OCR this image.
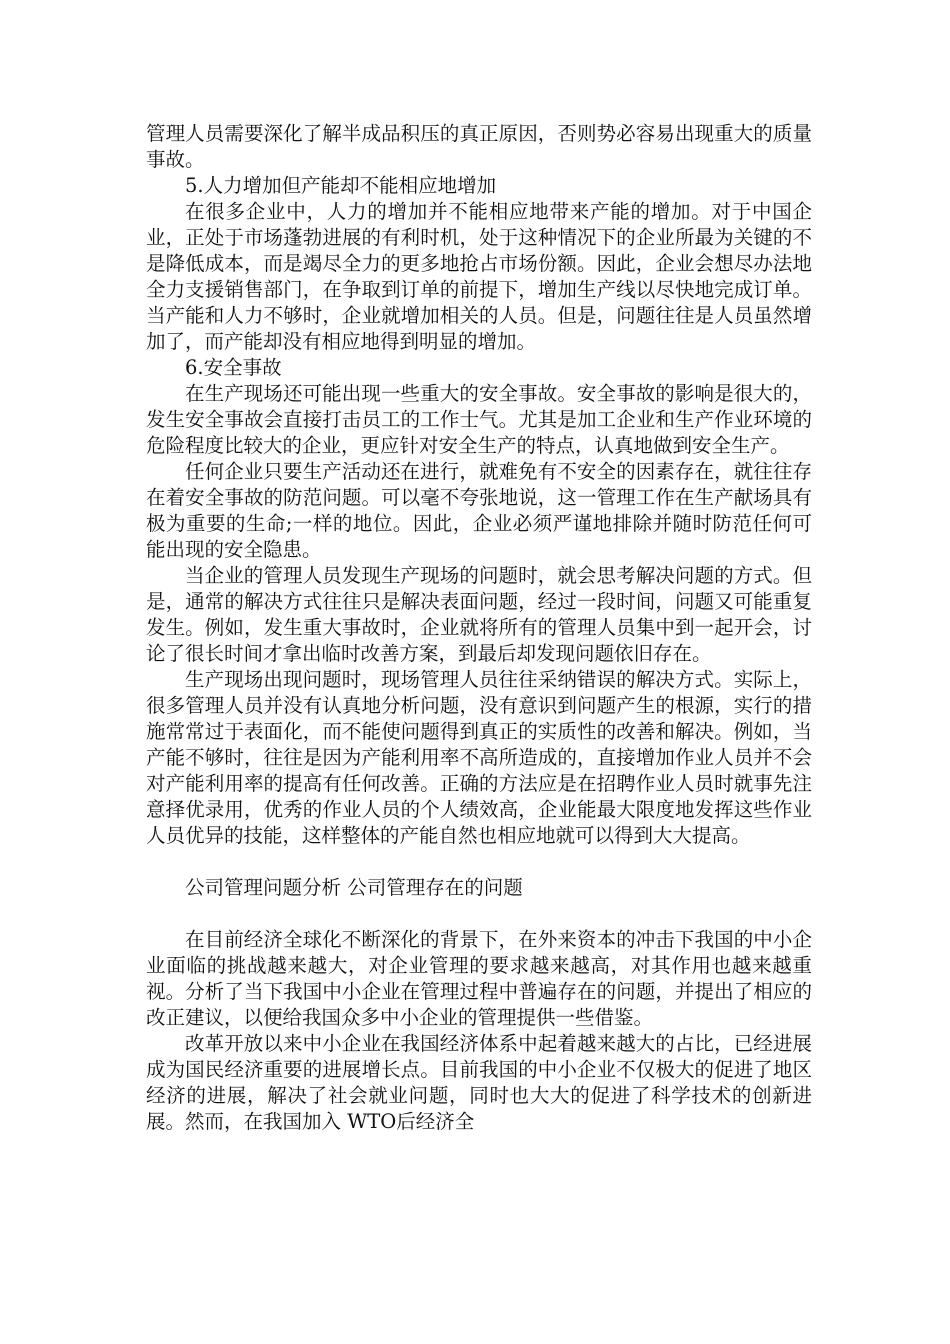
管理人员需要深化了解半成品积压的真正原因，否则势必容易出现重大的质量事故。

5.人力增加但产能却不能相应地增加

在很多企业中，人力的增加并不能相应地带来产能的增加。对于中国企业，正处于市场蓬勃进展的有利时机，处于这种情况下的企业所最为关键的不是降低成本，而是竭尽全力的更多地抢占市场份额。因此，企业会想尽办法地全力支援销售部门，在争取到订单的前提下，增加生产线以尽快地完成订单。当产能和人力不够时，企业就增加相关的人员。但是，问题往往是人员虽然增加了，而产能却没有相应地得到明显的增加。

6.安全事故

在生产现场还可能出现一些重大的安全事故。安全事故的影响是很大的，发生安全事故会直接打击员工的工作士气。尤其是加工企业和生产作业环境的危险程度比较大的企业，更应针对安全生产的特点，认真地做到安全生产。

任何企业只要生产活动还在进行，就难免有不安全的因素存在，就往往存在着安全事故的防范问题。可以毫不夸张地说，这一管理工作在生产献场具有极为重要的生命;一样的地位。因此，企业必须严谨地排除并随时防范任何可能出现的安全隐患。

当企业的管理人员发现生产现场的问题时，就会思考解决问题的方式。但是，通常的解决方式往往只是解决表面问题，经过一段时间，问题又可能重复发生。例如，发生重大事故时，企业就将所有的管理人员集中到一起开会，讨论了很长时间才拿出临时改善方案，到最后却发现问题依旧存在。

生产现场出现问题时，现场管理人员往往采纳错误的解决方式。实际上，很多管理人员并没有认真地分析问题，没有意识到问题产生的根源，实行的措施常常过于表面化，而不能使问题得到真正的实质性的改善和解决。例如，当产能不够时，往往是因为产能利用率不高所造成的，直接增加作业人员并不会对产能利用率的提高有任何改善。正确的方法应是在招聘作业人员时就事先注意择优录用，优秀的作业人员的个人绩效高，企业能最大限度地发挥这些作业人员优异的技能，这样整体的产能自然也相应地就可以得到大大提高。

公司管理问题分析 公司管理存在的问题

在目前经济全球化不断深化的背景下，在外来资本的冲击下我国的中小企业面临的挑战越来越大，对企业管理的要求越来越高，对其作用也越来越重视。分析了当下我国中小企业在管理过程中普遍存在的问题，并提出了相应的改正建议，以便给我国众多中小企业的管理提供一些借鉴。

改革开放以来中小企业在我国经济体系中起着越来越大的占比，已经进展成为国民经济重要的进展增长点。目前我国的中小企业不仅极大的促进了地区经济的进展，解决了社会就业问题，同时也大大的促进了科学技术的创新进展。然而，在我国加入 WTO后经济全
